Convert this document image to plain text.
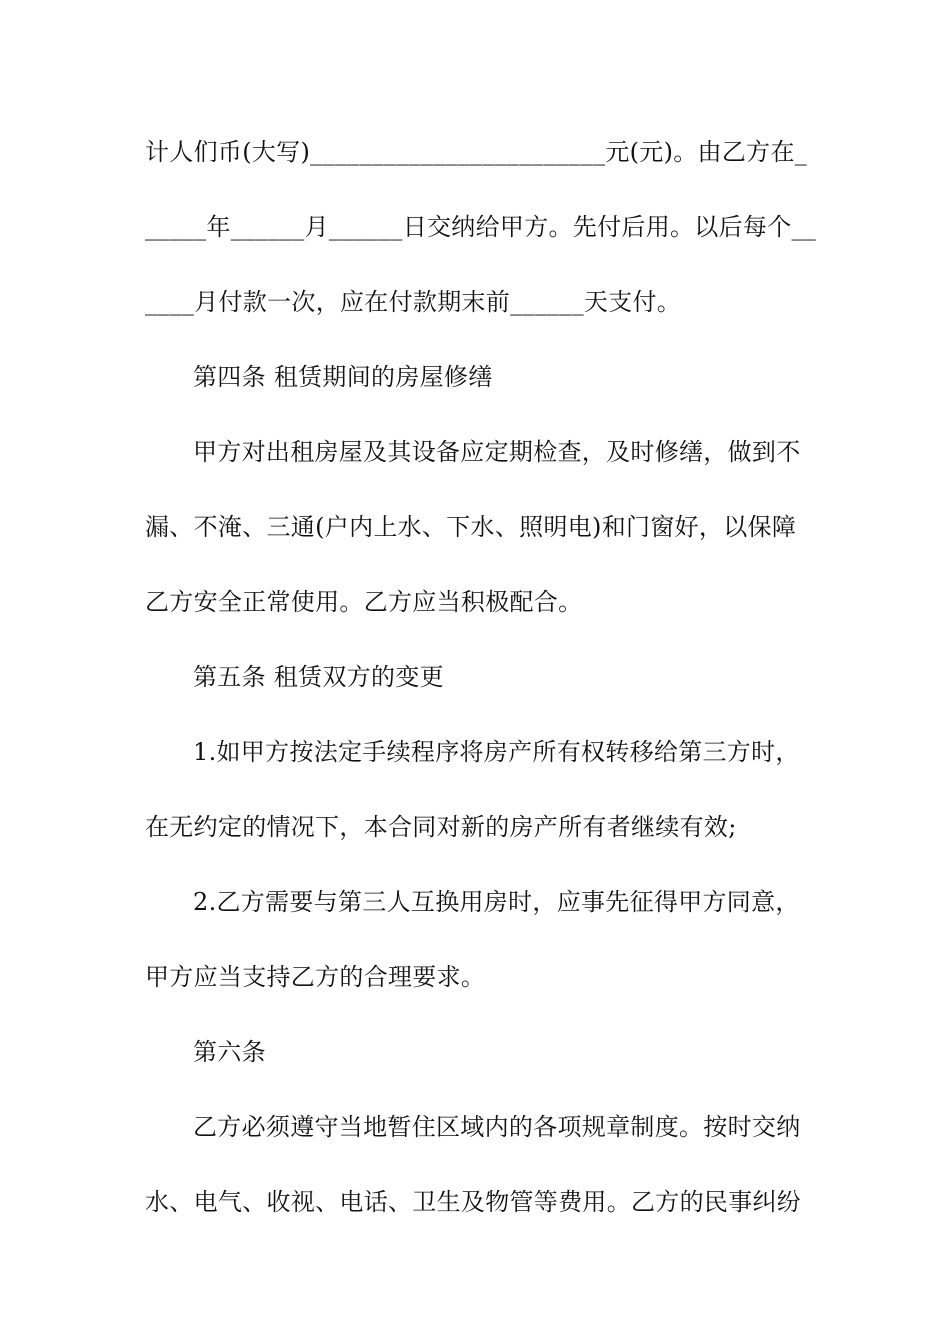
计人们币(大写)________________________元(元)。由乙方在_
_____年______月______日交纳给甲方。先付后用。以后每个__
____月付款一次，应在付款期末前______天支付。
第四条 租赁期间的房屋修缮
甲方对出租房屋及其设备应定期检查，及时修缮，做到不
漏、不淹、三通(户内上水、下水、照明电)和门窗好，以保障
乙方安全正常使用。乙方应当积极配合。
第五条 租赁双方的变更
1.如甲方按法定手续程序将房产所有权转移给第三方时，
在无约定的情况下，本合同对新的房产所有者继续有效;
2.乙方需要与第三人互换用房时，应事先征得甲方同意，
甲方应当支持乙方的合理要求。
第六条
乙方必须遵守当地暂住区域内的各项规章制度。按时交纳
水、电气、收视、电话、卫生及物管等费用。乙方的民事纠纷
